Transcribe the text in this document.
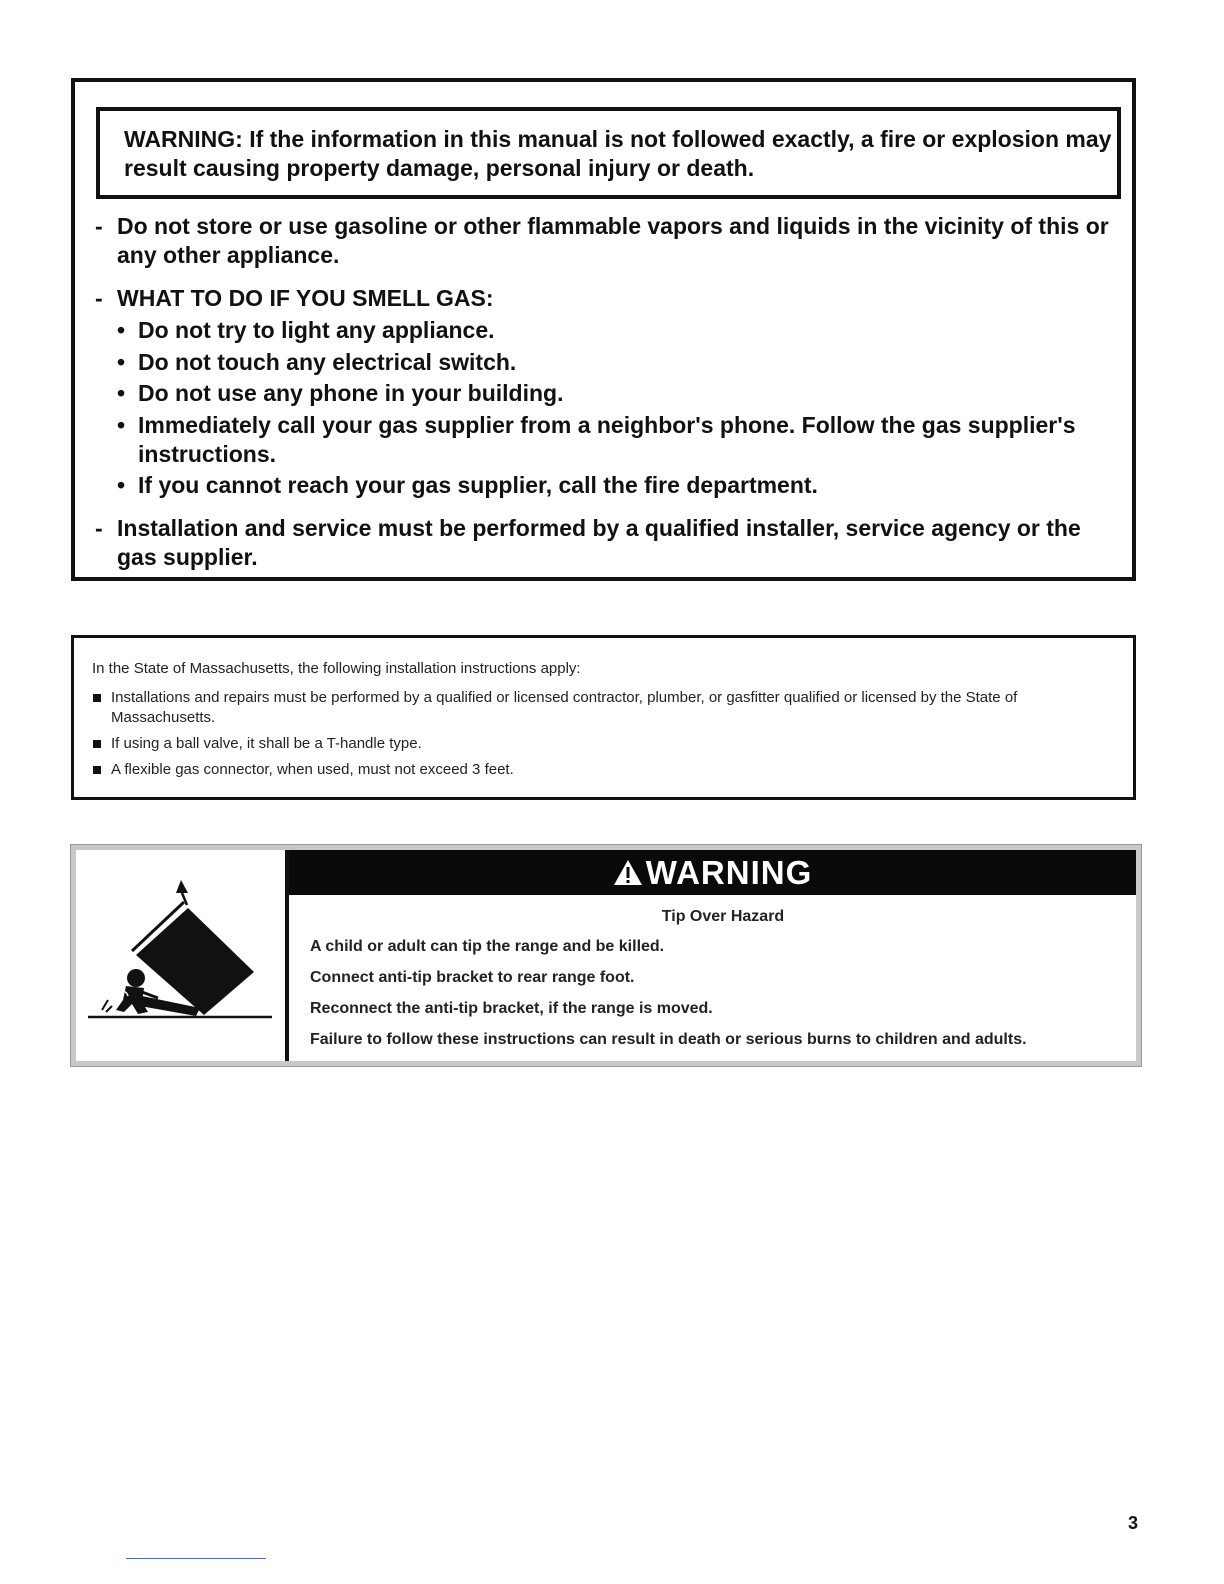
WARNING: If the information in this manual is not followed exactly, a fire or explosion may result causing property damage, personal injury or death.
- Do not store or use gasoline or other flammable vapors and liquids in the vicinity of this or any other appliance.
- WHAT TO DO IF YOU SMELL GAS:
• Do not try to light any appliance.
• Do not touch any electrical switch.
• Do not use any phone in your building.
• Immediately call your gas supplier from a neighbor's phone. Follow the gas supplier's instructions.
• If you cannot reach your gas supplier, call the fire department.
- Installation and service must be performed by a qualified installer, service agency or the gas supplier.
In the State of Massachusetts, the following installation instructions apply:
Installations and repairs must be performed by a qualified or licensed contractor, plumber, or gasfitter qualified or licensed by the State of Massachusetts.
If using a ball valve, it shall be a T-handle type.
A flexible gas connector, when used, must not exceed 3 feet.
WARNING
Tip Over Hazard
A child or adult can tip the range and be killed.
Connect anti-tip bracket to rear range foot.
Reconnect the anti-tip bracket, if the range is moved.
Failure to follow these instructions can result in death or serious burns to children and adults.
3
